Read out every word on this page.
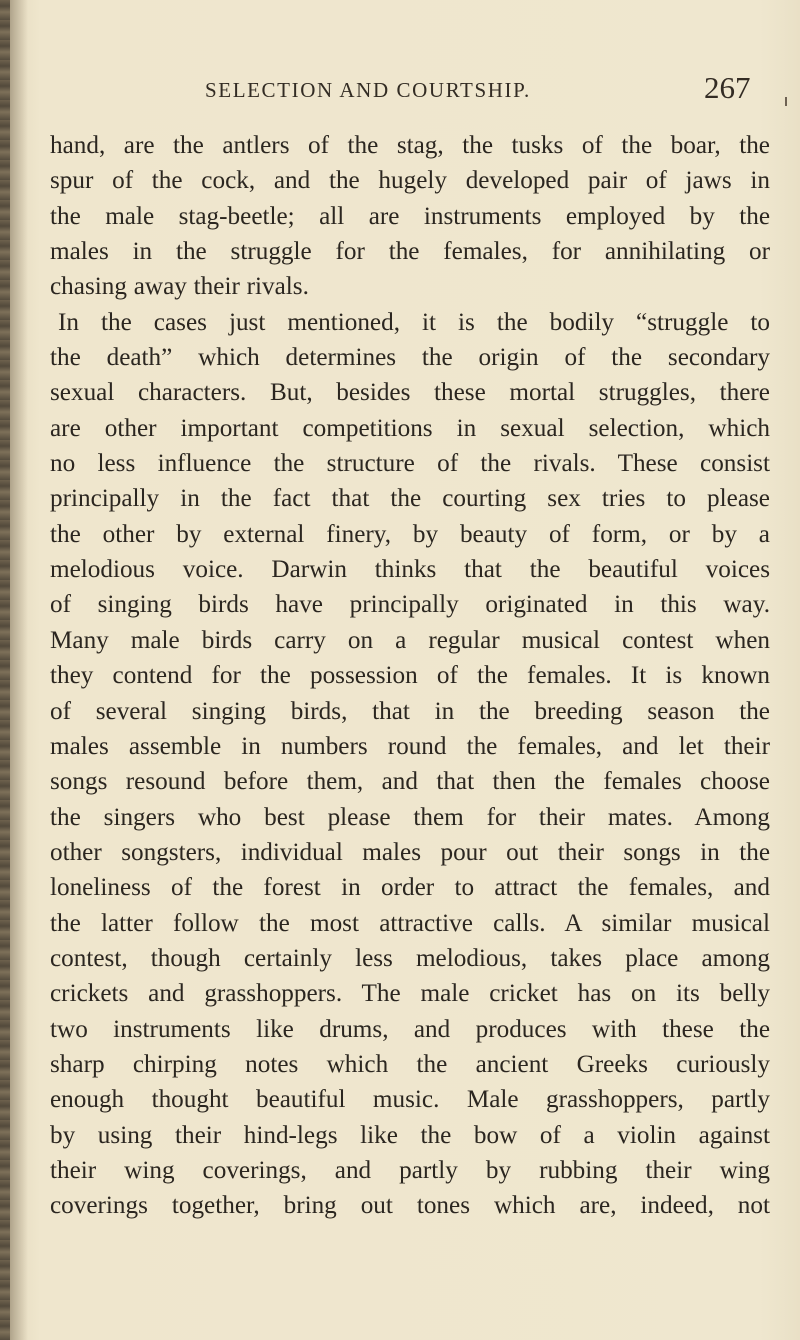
SELECTION AND COURTSHIP.	267
hand, are the antlers of the stag, the tusks of the boar, the
spur of the cock, and the hugely developed pair of jaws in
the male stag-beetle; all are instruments employed by the
males in the struggle for the females, for annihilating or
chasing away their rivals.
In the cases just mentioned, it is the bodily “struggle to
the death” which determines the origin of the secondary
sexual characters. But, besides these mortal struggles, there
are other important competitions in sexual selection, which
no less influence the structure of the rivals. These consist
principally in the fact that the courting sex tries to please
the other by external finery, by beauty of form, or by a
melodious voice. Darwin thinks that the beautiful voices
of singing birds have principally originated in this way.
Many male birds carry on a regular musical contest when
they contend for the possession of the females. It is known
of several singing birds, that in the breeding season the
males assemble in numbers round the females, and let their
songs resound before them, and that then the females choose
the singers who best please them for their mates. Among
other songsters, individual males pour out their songs in the
loneliness of the forest in order to attract the females, and
the latter follow the most attractive calls. A similar musical
contest, though certainly less melodious, takes place among
crickets and grasshoppers. The male cricket has on its belly
two instruments like drums, and produces with these the
sharp chirping notes which the ancient Greeks curiously
enough thought beautiful music. Male grasshoppers, partly
by using their hind-legs like the bow of a violin against
their wing coverings, and partly by rubbing their wing
coverings together, bring out tones which are, indeed, not
